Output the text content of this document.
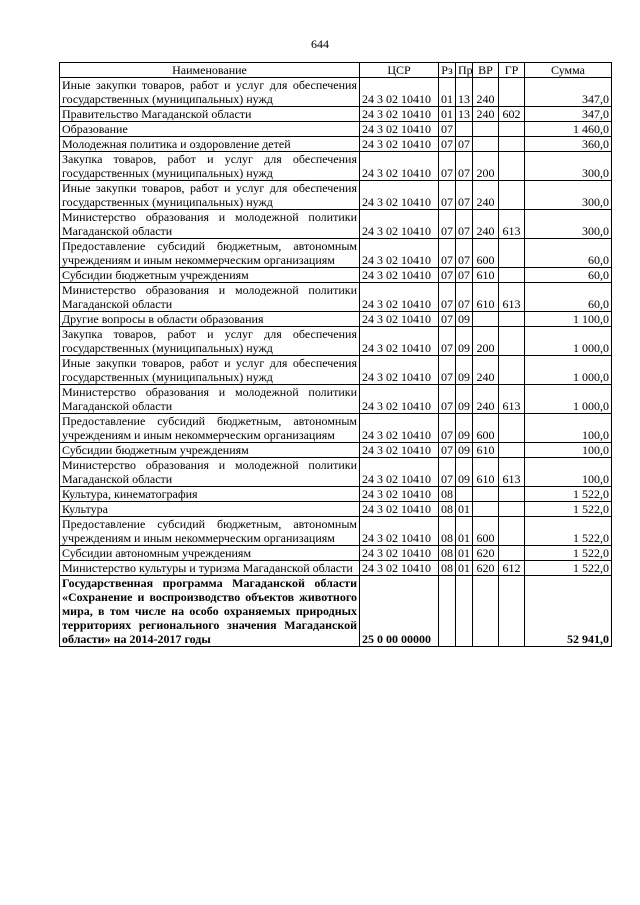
644
Наименование	ЦСР	Рз	Пр	ВР	ГР	Сумма
Иные закупки товаров, работ и услуг для обеспечения государственных (муниципальных) нужд	24 3 02 10410	01	13	240		347,0
Правительство Магаданской области	24 3 02 10410	01	13	240	602	347,0
Образование	24 3 02 10410	07				1 460,0
Молодежная политика и оздоровление детей	24 3 02 10410	07	07			360,0
Закупка товаров, работ и услуг для обеспечения государственных (муниципальных) нужд	24 3 02 10410	07	07	200		300,0
Иные закупки товаров, работ и услуг для обеспечения государственных (муниципальных) нужд	24 3 02 10410	07	07	240		300,0
Министерство образования и молодежной политики Магаданской области	24 3 02 10410	07	07	240	613	300,0
Предоставление субсидий бюджетным, автономным учреждениям и иным некоммерческим организациям	24 3 02 10410	07	07	600		60,0
Субсидии бюджетным учреждениям	24 3 02 10410	07	07	610		60,0
Министерство образования и молодежной политики Магаданской области	24 3 02 10410	07	07	610	613	60,0
Другие вопросы в области образования	24 3 02 10410	07	09			1 100,0
Закупка товаров, работ и услуг для обеспечения государственных (муниципальных) нужд	24 3 02 10410	07	09	200		1 000,0
Иные закупки товаров, работ и услуг для обеспечения государственных (муниципальных) нужд	24 3 02 10410	07	09	240		1 000,0
Министерство образования и молодежной политики Магаданской области	24 3 02 10410	07	09	240	613	1 000,0
Предоставление субсидий бюджетным, автономным учреждениям и иным некоммерческим организациям	24 3 02 10410	07	09	600		100,0
Субсидии бюджетным учреждениям	24 3 02 10410	07	09	610		100,0
Министерство образования и молодежной политики Магаданской области	24 3 02 10410	07	09	610	613	100,0
Культура, кинематография	24 3 02 10410	08				1 522,0
Культура	24 3 02 10410	08	01			1 522,0
Предоставление субсидий бюджетным, автономным учреждениям и иным некоммерческим организациям	24 3 02 10410	08	01	600		1 522,0
Субсидии автономным учреждениям	24 3 02 10410	08	01	620		1 522,0
Министерство культуры и туризма Магаданской области	24 3 02 10410	08	01	620	612	1 522,0
Государственная программа Магаданской области «Сохранение и воспроизводство объектов животного мира, в том числе на особо охраняемых природных территориях регионального значения Магаданской области» на 2014-2017 годы	25 0 00 00000					52 941,0
